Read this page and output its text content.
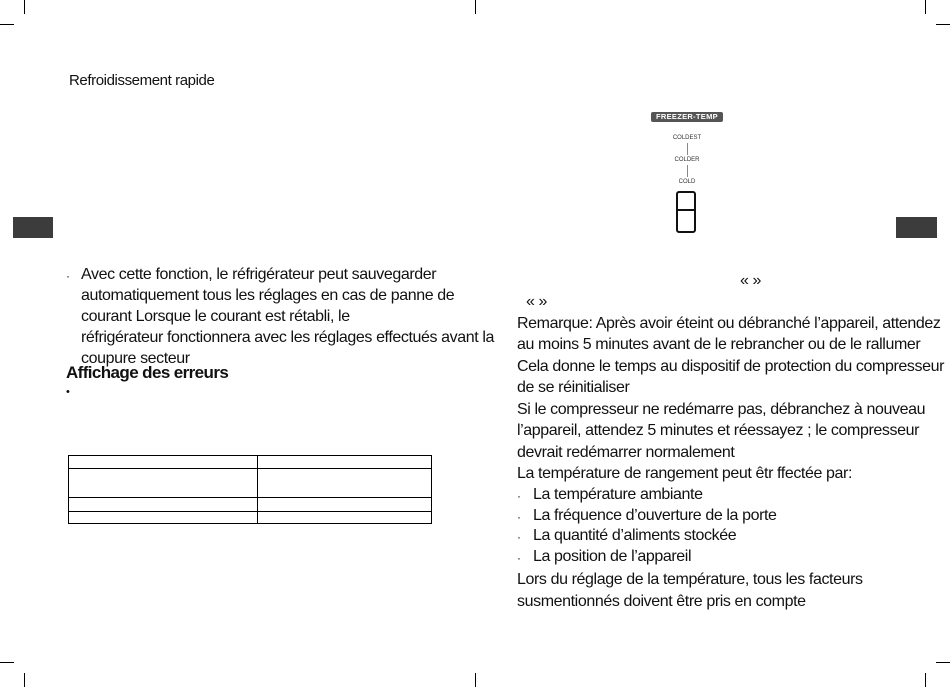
Refroidissement rapide
· Avec cette fonction, le réfrigérateur peut sauvegarder
automatiquement tous les réglages en cas de panne de
courant Lorsque le courant est rétabli, le
réfrigérateur fonctionnera avec les réglages effectués avant la
coupure secteur
Affichage des erreurs
•

FREEZER-TEMP
COLDEST
COLDER
COLD
« »
« »
Remarque: Après avoir éteint ou débranché l’appareil, attendez
au moins 5 minutes avant de le rebrancher ou de le rallumer
Cela donne le temps au dispositif de protection du compresseur
de se réinitialiser
Si le compresseur ne redémarre pas, débranchez à nouveau
l’appareil, attendez 5 minutes et réessayez ; le compresseur
devrait redémarrer normalement
La température de rangement peut êtr ffectée par:
· La température ambiante
· La fréquence d’ouverture de la porte
· La quantité d’aliments stockée
· La position de l’appareil
Lors du réglage de la température, tous les facteurs
susmentionnés doivent être pris en compte
